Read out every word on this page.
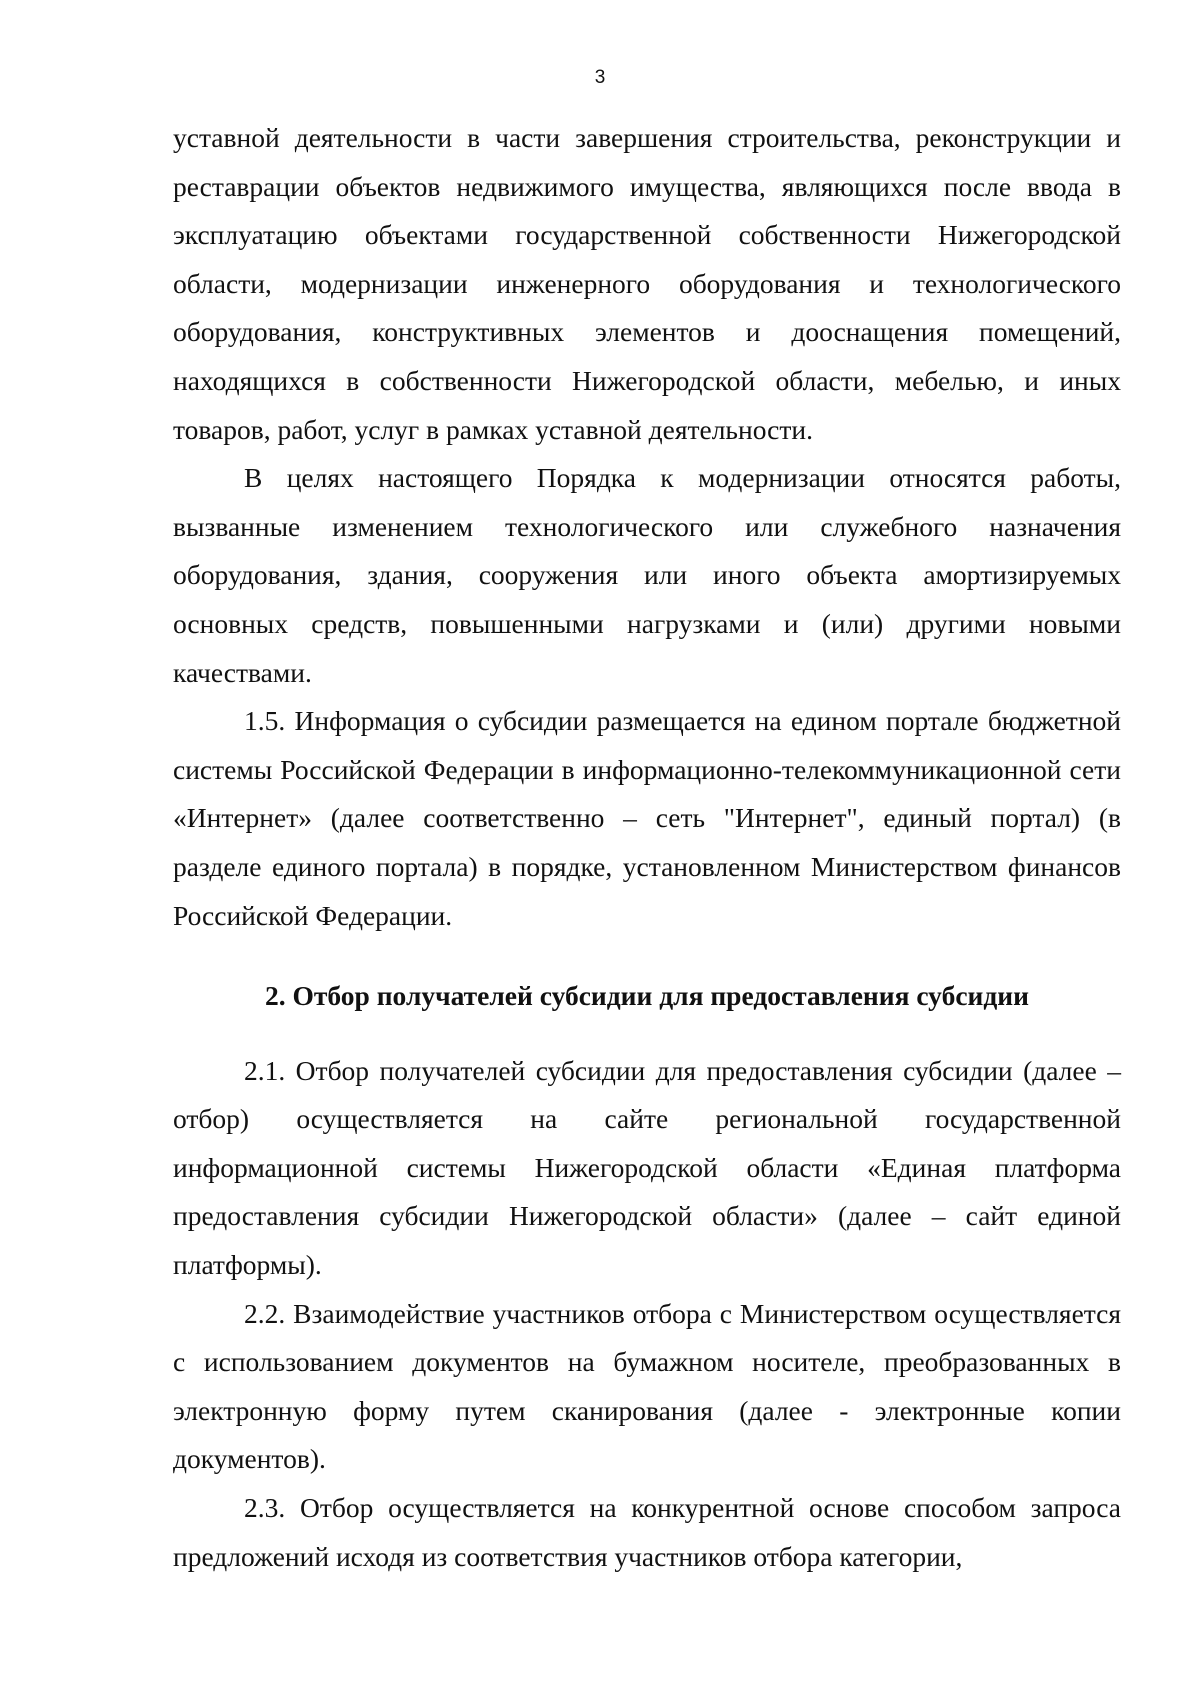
3

уставной деятельности в части завершения строительства, реконструкции и реставрации объектов недвижимого имущества, являющихся после ввода в эксплуатацию объектами государственной собственности Нижегородской области, модернизации инженерного оборудования и технологического оборудования, конструктивных элементов и дооснащения помещений, находящихся в собственности Нижегородской области, мебелью, и иных товаров, работ, услуг в рамках уставной деятельности.

В целях настоящего Порядка к модернизации относятся работы, вызванные изменением технологического или служебного назначения оборудования, здания, сооружения или иного объекта амортизируемых основных средств, повышенными нагрузками и (или) другими новыми качествами.

1.5. Информация о субсидии размещается на едином портале бюджетной системы Российской Федерации в информационно-телекоммуникационной сети «Интернет» (далее соответственно – сеть "Интернет", единый портал) (в разделе единого портала) в порядке, установленном Министерством финансов Российской Федерации.

2. Отбор получателей субсидии для предоставления субсидии

2.1. Отбор получателей субсидии для предоставления субсидии (далее – отбор) осуществляется на сайте региональной государственной информационной системы Нижегородской области «Единая платформа предоставления субсидии Нижегородской области» (далее – сайт единой платформы).

2.2. Взаимодействие участников отбора с Министерством осуществляется с использованием документов на бумажном носителе, преобразованных в электронную форму путем сканирования (далее - электронные копии документов).

2.3. Отбор осуществляется на конкурентной основе способом запроса предложений исходя из соответствия участников отбора категории,
